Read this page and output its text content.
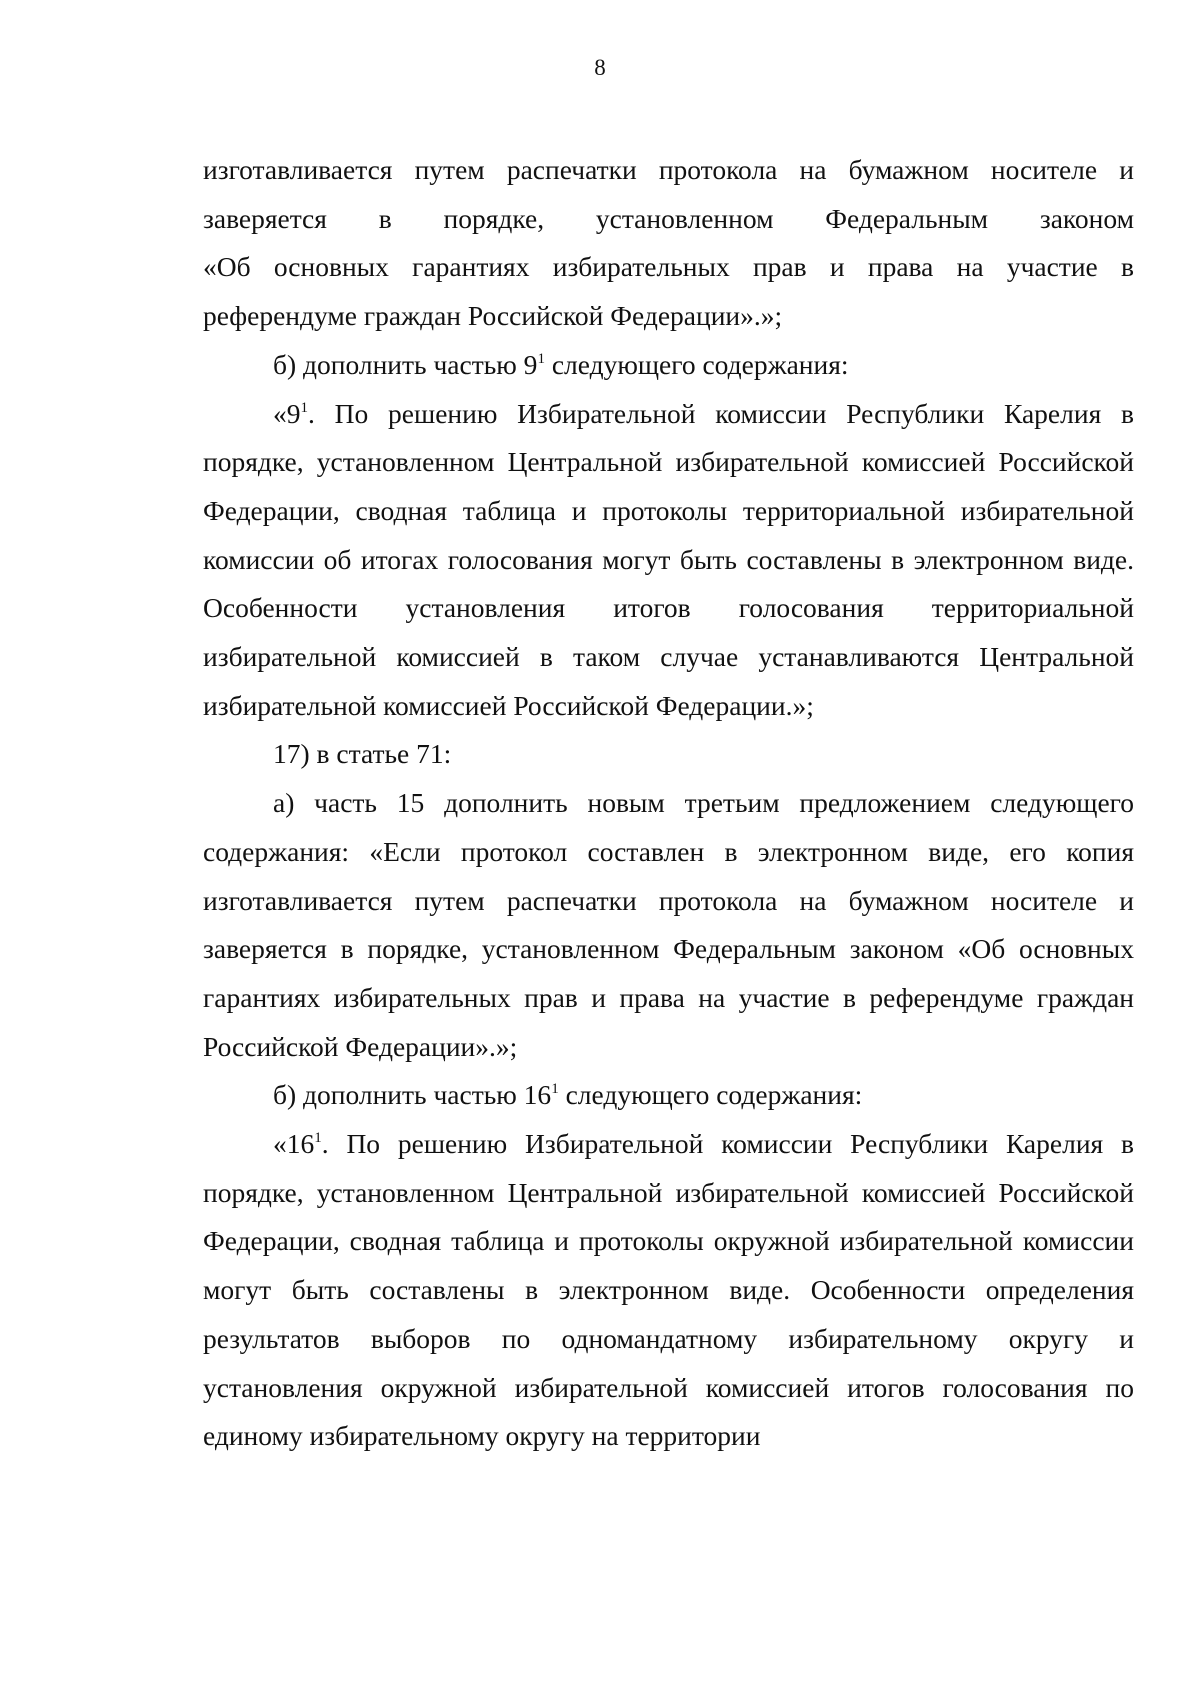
8

изготавливается путем распечатки протокола на бумажном носителе и заверяется в порядке, установленном Федеральным законом

«Об основных гарантиях избирательных прав и права на участие в референдуме граждан Российской Федерации».»;

б) дополнить частью $9^1$ следующего содержания:

«$9^1$. По решению Избирательной комиссии Республики Карелия в порядке, установленном Центральной избирательной комиссией Российской Федерации, сводная таблица и протоколы территориальной избирательной комиссии об итогах голосования могут быть составлены в электронном виде. Особенности установления итогов голосования территориальной избирательной комиссией в таком случае устанавливаются Центральной избирательной комиссией Российской Федерации.»;

17) в статье 71:

а) часть 15 дополнить новым третьим предложением следующего содержания: «Если протокол составлен в электронном виде, его копия изготавливается путем распечатки протокола на бумажном носителе и заверяется в порядке, установленном Федеральным законом «Об основных гарантиях избирательных прав и права на участие в референдуме граждан Российской Федерации».»;

б) дополнить частью $16^1$ следующего содержания:

«$16^1$. По решению Избирательной комиссии Республики Карелия в порядке, установленном Центральной избирательной комиссией Российской Федерации, сводная таблица и протоколы окружной избирательной комиссии могут быть составлены в электронном виде. Особенности определения результатов выборов по одномандатному избирательному округу и установления окружной избирательной комиссией итогов голосования по единому избирательному округу на территории
